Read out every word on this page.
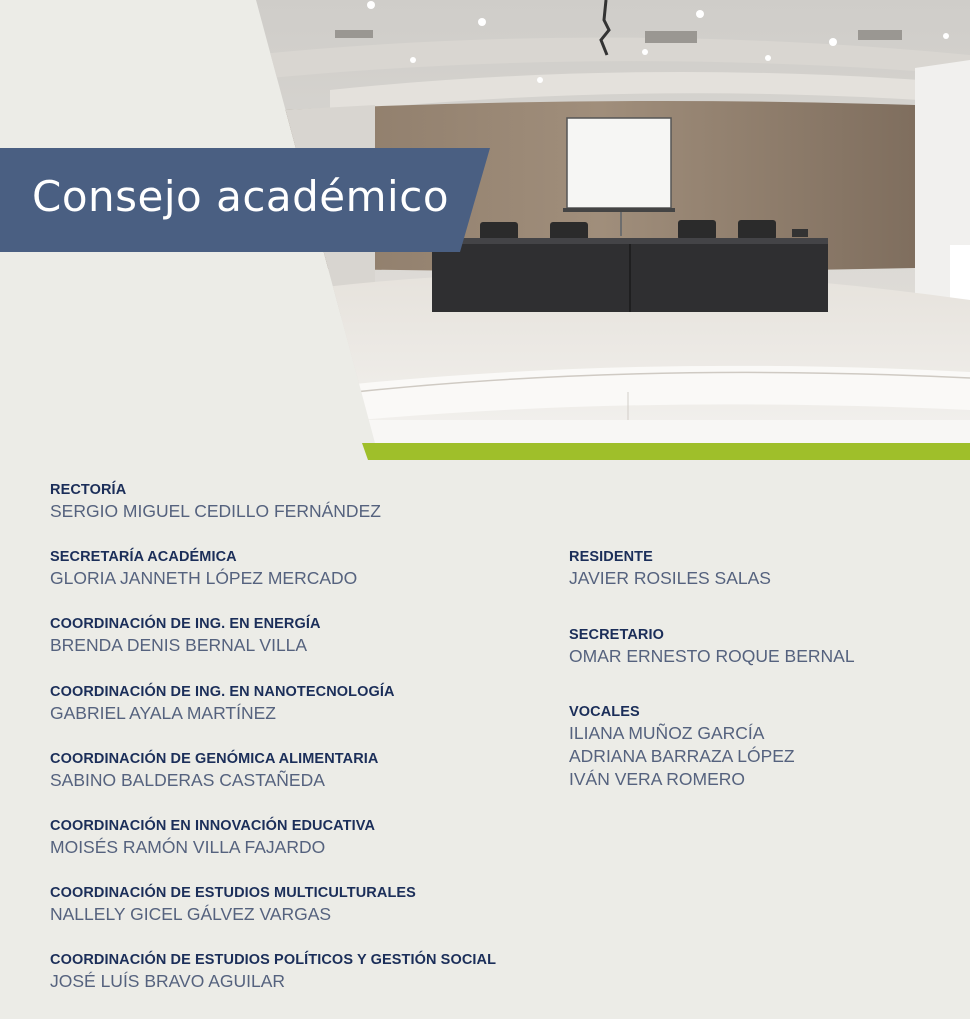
Consejo académico
RECTORÍA
SERGIO MIGUEL CEDILLO FERNÁNDEZ
SECRETARÍA ACADÉMICA
GLORIA JANNETH LÓPEZ MERCADO
COORDINACIÓN DE ING. EN ENERGÍA
BRENDA DENIS BERNAL VILLA
COORDINACIÓN DE ING. EN NANOTECNOLOGÍA
GABRIEL AYALA MARTÍNEZ
COORDINACIÓN DE GENÓMICA ALIMENTARIA
SABINO BALDERAS CASTAÑEDA
COORDINACIÓN EN INNOVACIÓN EDUCATIVA
MOISÉS RAMÓN VILLA FAJARDO
COORDINACIÓN DE ESTUDIOS MULTICULTURALES
NALLELY GICEL GÁLVEZ VARGAS
COORDINACIÓN DE ESTUDIOS POLÍTICOS Y GESTIÓN SOCIAL
JOSÉ LUÍS BRAVO AGUILAR
RESIDENTE
JAVIER ROSILES SALAS
SECRETARIO
OMAR ERNESTO ROQUE BERNAL
VOCALES
ILIANA MUÑOZ GARCÍA
ADRIANA BARRAZA LÓPEZ
IVÁN VERA ROMERO
